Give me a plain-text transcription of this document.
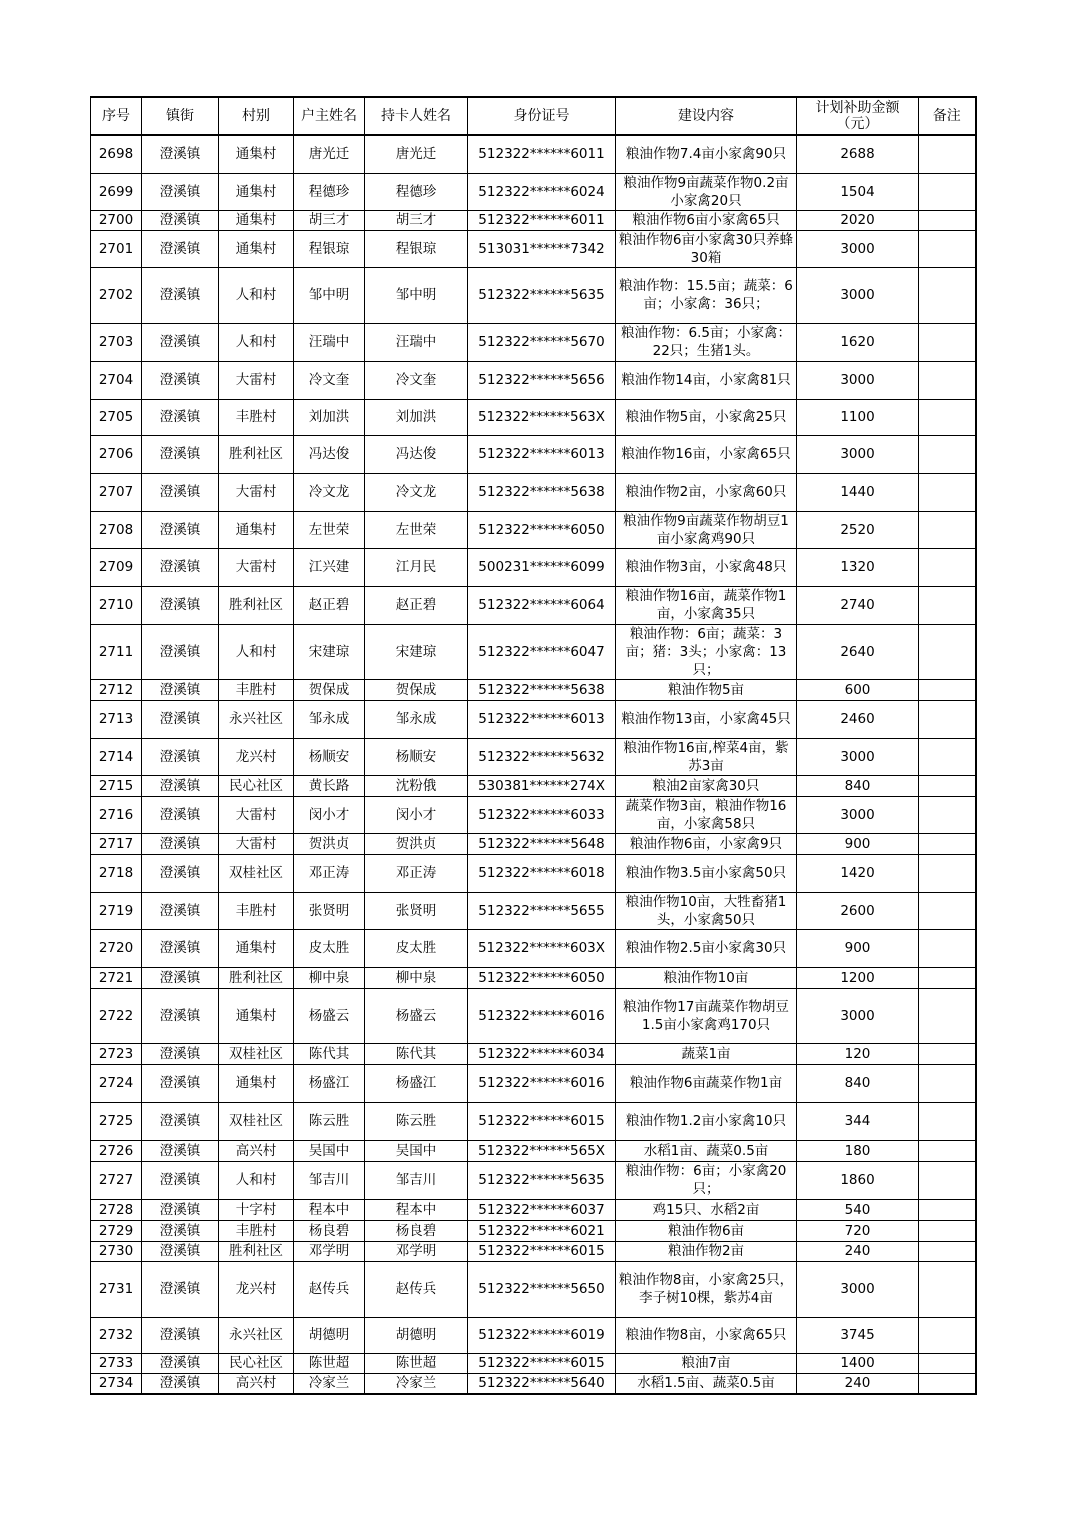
序号	镇街	村别	户主姓名	持卡人姓名	身份证号	建设内容	计划补助金额（元）	备注
2698	澄溪镇	通集村	唐光迁	唐光迁	512322******6011	粮油作物7.4亩小家禽90只	2688	
2699	澄溪镇	通集村	程德珍	程德珍	512322******6024	粮油作物9亩蔬菜作物0.2亩小家禽20只	1504	
2700	澄溪镇	通集村	胡三才	胡三才	512322******6011	粮油作物6亩小家禽65只	2020	
2701	澄溪镇	通集村	程银琼	程银琼	513031******7342	粮油作物6亩小家禽30只养蜂30箱	3000	
2702	澄溪镇	人和村	邹中明	邹中明	512322******5635	粮油作物：15.5亩；蔬菜：6亩；小家禽：36只；	3000	
2703	澄溪镇	人和村	汪瑞中	汪瑞中	512322******5670	粮油作物：6.5亩；小家禽：22只；生猪1头。	1620	
2704	澄溪镇	大雷村	冷文奎	冷文奎	512322******5656	粮油作物14亩，小家禽81只	3000	
2705	澄溪镇	丰胜村	刘加洪	刘加洪	512322******563X	粮油作物5亩，小家禽25只	1100	
2706	澄溪镇	胜利社区	冯达俊	冯达俊	512322******6013	粮油作物16亩，小家禽65只	3000	
2707	澄溪镇	大雷村	冷文龙	冷文龙	512322******5638	粮油作物2亩，小家禽60只	1440	
2708	澄溪镇	通集村	左世荣	左世荣	512322******6050	粮油作物9亩蔬菜作物胡豆1亩小家禽鸡90只	2520	
2709	澄溪镇	大雷村	江兴建	江月民	500231******6099	粮油作物3亩，小家禽48只	1320	
2710	澄溪镇	胜利社区	赵正碧	赵正碧	512322******6064	粮油作物16亩，蔬菜作物1亩，小家禽35只	2740	
2711	澄溪镇	人和村	宋建琼	宋建琼	512322******6047	粮油作物：6亩；蔬菜：3亩；猪：3头；小家禽：13只；	2640	
2712	澄溪镇	丰胜村	贺保成	贺保成	512322******5638	粮油作物5亩	600	
2713	澄溪镇	永兴社区	邹永成	邹永成	512322******6013	粮油作物13亩，小家禽45只	2460	
2714	澄溪镇	龙兴村	杨顺安	杨顺安	512322******5632	粮油作物16亩,榨菜4亩，紫苏3亩	3000	
2715	澄溪镇	民心社区	黄长路	沈粉俄	530381******274X	粮油2亩家禽30只	840	
2716	澄溪镇	大雷村	闵小才	闵小才	512322******6033	蔬菜作物3亩，粮油作物16亩，小家禽58只	3000	
2717	澄溪镇	大雷村	贺洪贞	贺洪贞	512322******5648	粮油作物6亩，小家禽9只	900	
2718	澄溪镇	双桂社区	邓正涛	邓正涛	512322******6018	粮油作物3.5亩小家禽50只	1420	
2719	澄溪镇	丰胜村	张贤明	张贤明	512322******5655	粮油作物10亩，大牲畜猪1头，小家禽50只	2600	
2720	澄溪镇	通集村	皮太胜	皮太胜	512322******603X	粮油作物2.5亩小家禽30只	900	
2721	澄溪镇	胜利社区	柳中泉	柳中泉	512322******6050	粮油作物10亩	1200	
2722	澄溪镇	通集村	杨盛云	杨盛云	512322******6016	粮油作物17亩蔬菜作物胡豆1.5亩小家禽鸡170只	3000	
2723	澄溪镇	双桂社区	陈代其	陈代其	512322******6034	蔬菜1亩	120	
2724	澄溪镇	通集村	杨盛江	杨盛江	512322******6016	粮油作物6亩蔬菜作物1亩	840	
2725	澄溪镇	双桂社区	陈云胜	陈云胜	512322******6015	粮油作物1.2亩小家禽10只	344	
2726	澄溪镇	高兴村	吴国中	吴国中	512322******565X	水稻1亩、蔬菜0.5亩	180	
2727	澄溪镇	人和村	邹吉川	邹吉川	512322******5635	粮油作物：6亩；小家禽20只；	1860	
2728	澄溪镇	十字村	程本中	程本中	512322******6037	鸡15只、水稻2亩	540	
2729	澄溪镇	丰胜村	杨良碧	杨良碧	512322******6021	粮油作物6亩	720	
2730	澄溪镇	胜利社区	邓学明	邓学明	512322******6015	粮油作物2亩	240	
2731	澄溪镇	龙兴村	赵传兵	赵传兵	512322******5650	粮油作物8亩，小家禽25只，李子树10棵，紫苏4亩	3000	
2732	澄溪镇	永兴社区	胡德明	胡德明	512322******6019	粮油作物8亩，小家禽65只	3745	
2733	澄溪镇	民心社区	陈世超	陈世超	512322******6015	粮油7亩	1400	
2734	澄溪镇	高兴村	冷家兰	冷家兰	512322******5640	水稻1.5亩、蔬菜0.5亩	240	
